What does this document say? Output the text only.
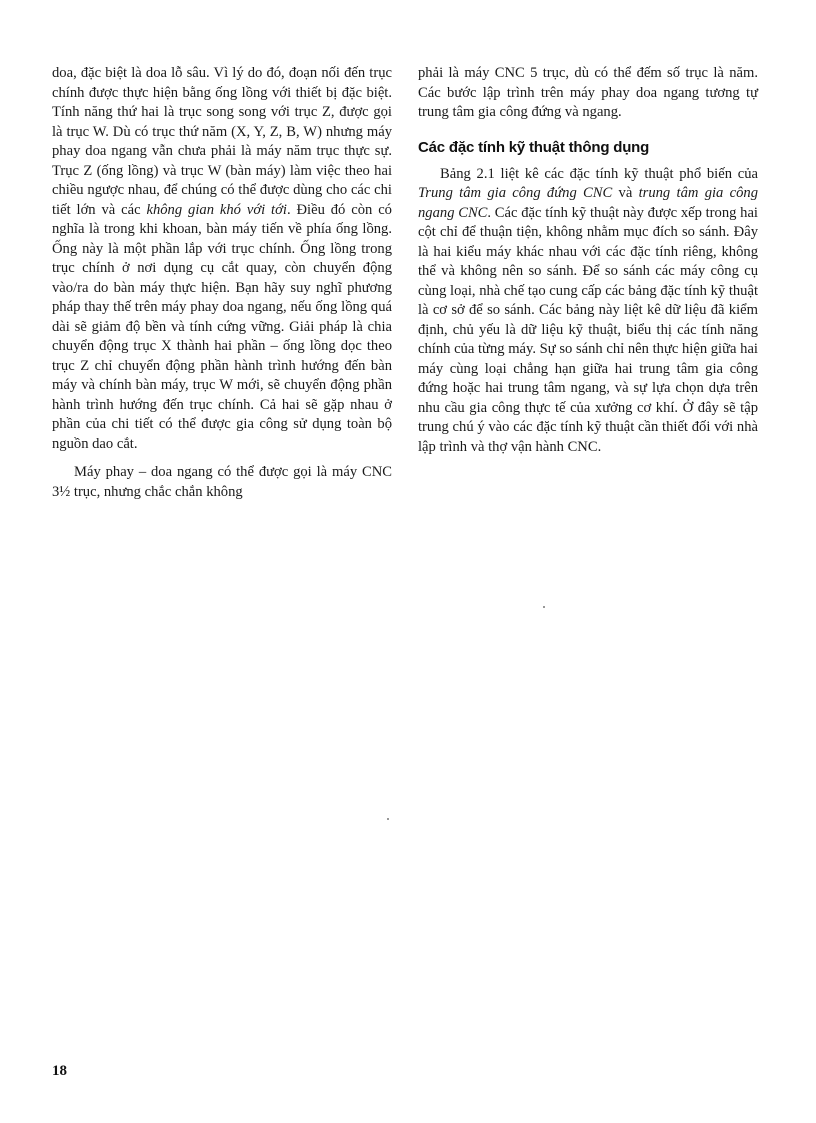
doa, đặc biệt là doa lỗ sâu. Vì lý do đó, đoạn nối đến trục chính được thực hiện bằng ống lồng với thiết bị đặc biệt. Tính năng thứ hai là trục song song với trục Z, được gọi là trục W. Dù có trục thứ năm (X, Y, Z, B, W) nhưng máy phay doa ngang vẫn chưa phải là máy năm trục thực sự. Trục Z (ống lồng) và trục W (bàn máy) làm việc theo hai chiều ngược nhau, để chúng có thể được dùng cho các chi tiết lớn và các không gian khó với tới. Điều đó còn có nghĩa là trong khi khoan, bàn máy tiến về phía ống lồng. Ống này là một phần lắp với trục chính. Ống lồng trong trục chính ở nơi dụng cụ cắt quay, còn chuyển động vào/ra do bàn máy thực hiện. Bạn hãy suy nghĩ phương pháp thay thế trên máy phay doa ngang, nếu ống lồng quá dài sẽ giảm độ bền và tính cứng vững. Giải pháp là chia chuyển động trục X thành hai phần – ống lồng dọc theo trục Z chỉ chuyển động phần hành trình hướng đến bàn máy và chính bàn máy, trục W mới, sẽ chuyển động phần hành trình hướng đến trục chính. Cả hai sẽ gặp nhau ở phần của chi tiết có thể được gia công sử dụng toàn bộ nguồn dao cắt.

Máy phay – doa ngang có thể được gọi là máy CNC 3½ trục, nhưng chắc chắn không

phải là máy CNC 5 trục, dù có thể đếm số trục là năm. Các bước lập trình trên máy phay doa ngang tương tự trung tâm gia công đứng và ngang.

Các đặc tính kỹ thuật thông dụng

Bảng 2.1 liệt kê các đặc tính kỹ thuật phổ biến của Trung tâm gia công đứng CNC và trung tâm gia công ngang CNC. Các đặc tính kỹ thuật này được xếp trong hai cột chỉ để thuận tiện, không nhằm mục đích so sánh. Đây là hai kiểu máy khác nhau với các đặc tính riêng, không thể và không nên so sánh. Để so sánh các máy công cụ cùng loại, nhà chế tạo cung cấp các bảng đặc tính kỹ thuật là cơ sở để so sánh. Các bảng này liệt kê dữ liệu đã kiểm định, chủ yếu là dữ liệu kỹ thuật, biểu thị các tính năng chính của từng máy. Sự so sánh chỉ nên thực hiện giữa hai máy cùng loại chẳng hạn giữa hai trung tâm gia công đứng hoặc hai trung tâm ngang, và sự lựa chọn dựa trên nhu cầu gia công thực tế của xưởng cơ khí. Ở đây sẽ tập trung chú ý vào các đặc tính kỹ thuật cần thiết đối với nhà lập trình và thợ vận hành CNC.

18
